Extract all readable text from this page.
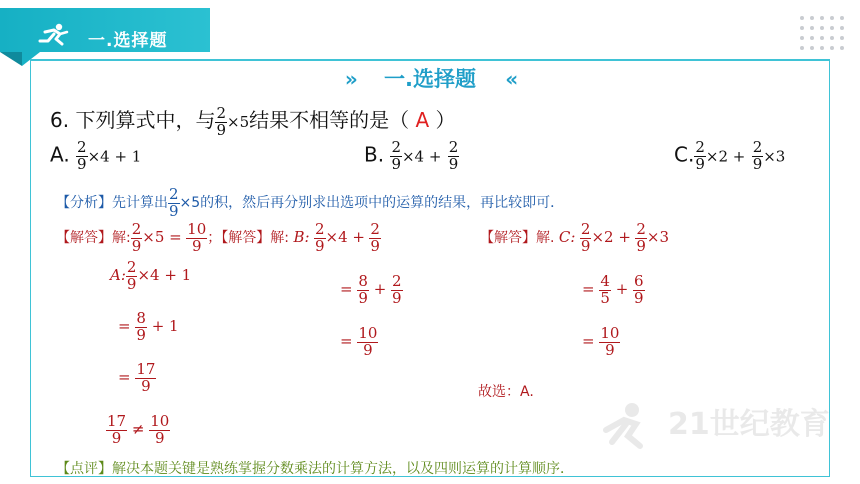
一.选择题
» 一.选择题 «
6. 下列算式中，与 $\frac{2}{9} \times 5$结果不相等的是（ A ）
A. $\frac{2}{9} \times 4 + 1$	B. $\frac{2}{9} \times 4 + \frac{2}{9}$	C. $\frac{2}{9} \times 2 + \frac{2}{9} \times 3$
【分析】先计算出 $\frac{2}{9} \times 5$的积，然后再分别求出选项中的运算的结果，再比较即可．
【解答】解: $\frac{2}{9} \times 5 = \frac{10}{9}$ ；【解答】解: B: $\frac{2}{9} \times 4 + \frac{2}{9}$	【解答】解. C: $\frac{2}{9} \times 2 + \frac{2}{9} \times 3$
A: $\frac{2}{9} \times 4 + 1$
= $\frac{8}{9} + 1$
= $\frac{17}{9}$
$\frac{17}{9} \ne \frac{10}{9}$
= $\frac{8}{9} + \frac{2}{9}$
= $\frac{10}{9}$
= $\frac{4}{5} + \frac{6}{9}$
= $\frac{10}{9}$
故选：A.
21世纪教育
【点评】解决本题关键是熟练掌握分数乘法的计算方法，以及四则运算的计算顺序．
